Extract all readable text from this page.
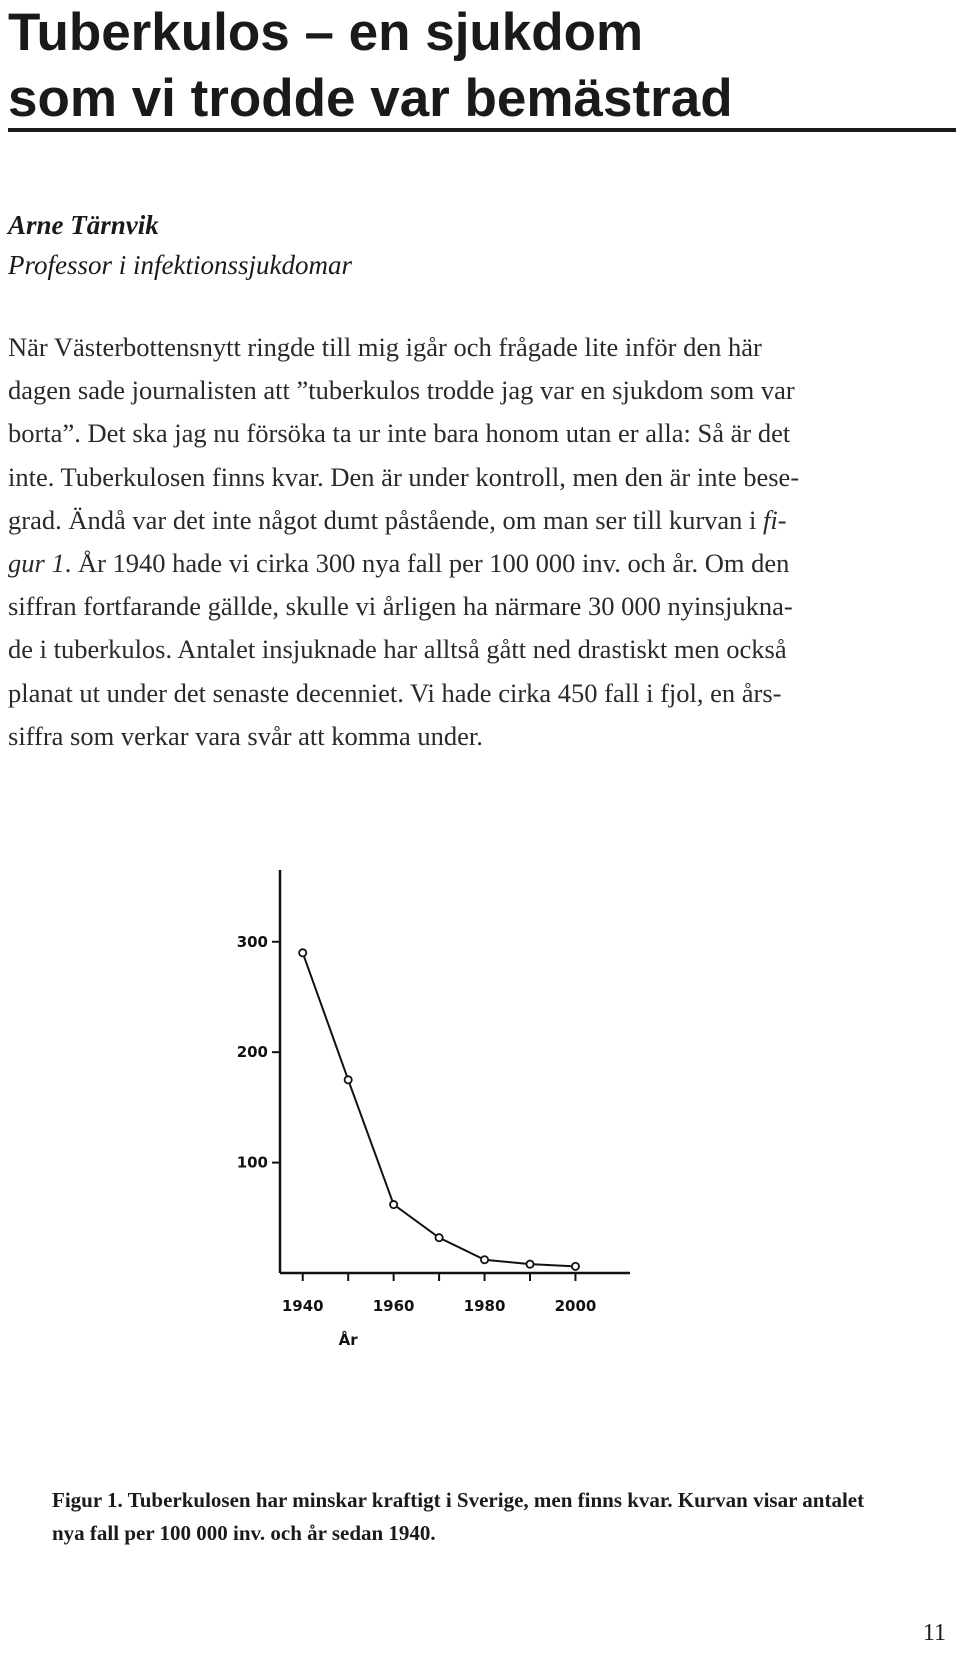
Tuberkulos – en sjukdom
som vi trodde var bemästrad
Arne Tärnvik
Professor i infektionssjukdomar
När Västerbottensnytt ringde till mig igår och frågade lite inför den här
dagen sade journalisten att ”tuberkulos trodde jag var en sjukdom som var
borta”. Det ska jag nu försöka ta ur inte bara honom utan er alla: Så är det
inte. Tuberkulosen finns kvar. Den är under kontroll, men den är inte bese-
grad. Ändå var det inte något dumt påstående, om man ser till kurvan i fi-
gur 1. År 1940 hade vi cirka 300 nya fall per 100 000 inv. och år. Om den
siffran fortfarande gällde, skulle vi årligen ha närmare 30 000 nyinsjukna-
de i tuberkulos. Antalet insjuknade har alltså gått ned drastiskt men också
planat ut under det senaste decenniet. Vi hade cirka 450 fall i fjol, en års-
siffra som verkar vara svår att komma under.
100
200
300
1940	1960	1980	2000
År
Figur 1. Tuberkulosen har minskar kraftigt i Sverige, men finns kvar. Kurvan visar antalet
nya fall per 100 000 inv. och år sedan 1940.
11
